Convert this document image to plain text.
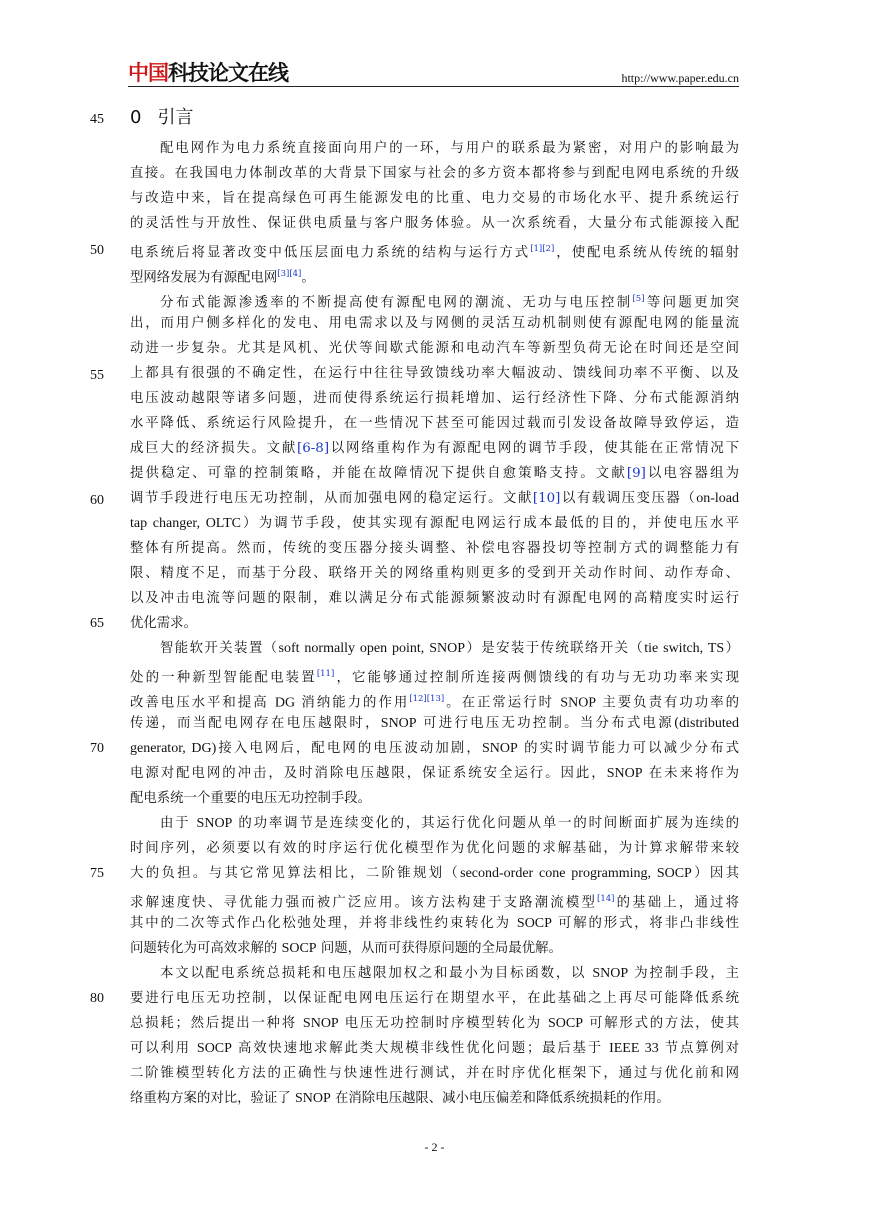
中国科技论文在线	http://www.paper.edu.cn
0 引言
45
50
55
60
65
70
75
80
配电网作为电力系统直接面向用户的一环，与用户的联系最为紧密，对用户的影响最为
直接。在我国电力体制改革的大背景下国家与社会的多方资本都将参与到配电网电系统的升级
与改造中来，旨在提高绿色可再生能源发电的比重、电力交易的市场化水平、提升系统运行
的灵活性与开放性、保证供电质量与客户服务体验。从一次系统看，大量分布式能源接入配
电系统后将显著改变中低压层面电力系统的结构与运行方式[1][2]，使配电系统从传统的辐射
型网络发展为有源配电网[3][4]。
分布式能源渗透率的不断提高使有源配电网的潮流、无功与电压控制[5]等问题更加突
出，而用户侧多样化的发电、用电需求以及与网侧的灵活互动机制则使有源配电网的能量流
动进一步复杂。尤其是风机、光伏等间歇式能源和电动汽车等新型负荷无论在时间还是空间
上都具有很强的不确定性，在运行中往往导致馈线功率大幅波动、馈线间功率不平衡、以及
电压波动越限等诸多问题，进而使得系统运行损耗增加、运行经济性下降、分布式能源消纳
水平降低、系统运行风险提升，在一些情况下甚至可能因过载而引发设备故障导致停运，造
成巨大的经济损失。文献[6-8]以网络重构作为有源配电网的调节手段，使其能在正常情况下
提供稳定、可靠的控制策略，并能在故障情况下提供自愈策略支持。文献[9]以电容器组为
调节手段进行电压无功控制，从而加强电网的稳定运行。文献[10]以有载调压变压器（on-load
tap changer, OLTC）为调节手段，使其实现有源配电网运行成本最低的目的，并使电压水平
整体有所提高。然而，传统的变压器分接头调整、补偿电容器投切等控制方式的调整能力有
限、精度不足，而基于分段、联络开关的网络重构则更多的受到开关动作时间、动作寿命、
以及冲击电流等问题的限制，难以满足分布式能源频繁波动时有源配电网的高精度实时运行
优化需求。
智能软开关装置（soft normally open point, SNOP）是安装于传统联络开关（tie switch, TS）
处的一种新型智能配电装置[11]，它能够通过控制所连接两侧馈线的有功与无功功率来实现
改善电压水平和提高 DG 消纳能力的作用[12][13]。在正常运行时 SNOP 主要负责有功功率的
传递，而当配电网存在电压越限时，SNOP 可进行电压无功控制。当分布式电源(distributed
generator, DG)接入电网后，配电网的电压波动加剧，SNOP 的实时调节能力可以减少分布式
电源对配电网的冲击，及时消除电压越限，保证系统安全运行。因此，SNOP 在未来将作为
配电系统一个重要的电压无功控制手段。
由于 SNOP 的功率调节是连续变化的，其运行优化问题从单一的时间断面扩展为连续的
时间序列，必须要以有效的时序运行优化模型作为优化问题的求解基础，为计算求解带来较
大的负担。与其它常见算法相比，二阶锥规划（second-order cone programming, SOCP）因其
求解速度快、寻优能力强而被广泛应用。该方法构建于支路潮流模型[14]的基础上，通过将
其中的二次等式作凸化松弛处理，并将非线性约束转化为 SOCP 可解的形式，将非凸非线性
问题转化为可高效求解的 SOCP 问题，从而可获得原问题的全局最优解。
本文以配电系统总损耗和电压越限加权之和最小为目标函数，以 SNOP 为控制手段，主
要进行电压无功控制，以保证配电网电压运行在期望水平，在此基础之上再尽可能降低系统
总损耗；然后提出一种将 SNOP 电压无功控制时序模型转化为 SOCP 可解形式的方法，使其
可以利用 SOCP 高效快速地求解此类大规模非线性优化问题；最后基于 IEEE 33 节点算例对
二阶锥模型转化方法的正确性与快速性进行测试，并在时序优化框架下，通过与优化前和网
络重构方案的对比，验证了 SNOP 在消除电压越限、减小电压偏差和降低系统损耗的作用。
- 2 -
